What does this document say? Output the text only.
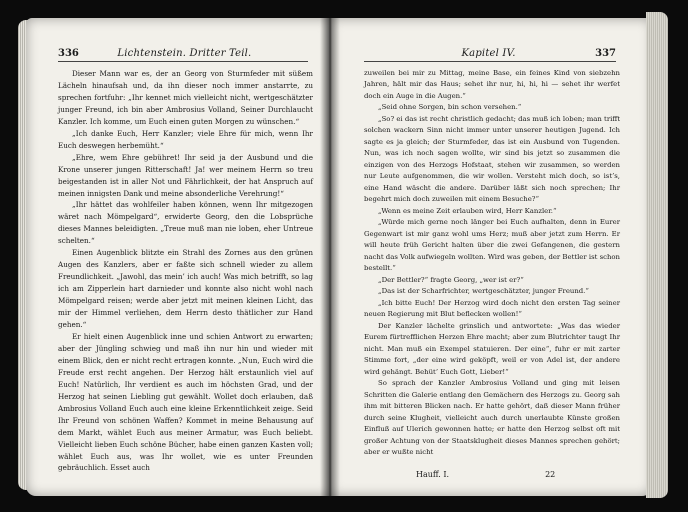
336	Lichtenstein. Dritter Teil.

Dieser Mann war es, der an Georg von Sturmfeder mit süßem Lächeln hinaufsah und, da ihn dieser noch immer anstarrte, zu sprechen fortfuhr: „Ihr kennet mich vielleicht nicht, wertgeschätzter junger Freund, ich bin aber Ambrosius Volland, Seiner Durchlaucht Kanzler. Ich komme, um Euch einen guten Morgen zu wünschen.“

„Ich danke Euch, Herr Kanzler; viele Ehre für mich, wenn Ihr Euch deswegen herbemüht.“

„Ehre, wem Ehre gebühret! Ihr seid ja der Ausbund und die Krone unserer jungen Ritterschaft! Ja! wer meinem Herrn so treu beigestanden ist in aller Not und Fährlichkeit, der hat Anspruch auf meinen innigsten Dank und meine absonderliche Verehrung!“

„Ihr hättet das wohlfeiler haben können, wenn Ihr mitgezogen wäret nach Mömpelgard“, erwiderte Georg, den die Lobsprüche dieses Mannes beleidigten. „Treue muß man nie loben, eher Untreue schelten.“

Einen Augenblick blitzte ein Strahl des Zornes aus den grünen Augen des Kanzlers, aber er faßte sich schnell wieder zu allem Freundlichkeit. „Jawohl, das mein’ ich auch! Was mich betrifft, so lag ich am Zipperlein hart darnieder und konnte also nicht wohl nach Mömpelgard reisen; werde aber jetzt mit meinen kleinen Licht, das mir der Himmel verliehen, dem Herrn desto thätlicher zur Hand gehen.“

Er hielt einen Augenblick inne und schien Antwort zu erwarten; aber der Jüngling schwieg und maß ihn nur hin und wieder mit einem Blick, den er nicht recht ertragen konnte. „Nun, Euch wird die Freude erst recht angehen. Der Herzog hält erstaunlich viel auf Euch! Natürlich, Ihr verdient es auch im höchsten Grad, und der Herzog hat seinen Liebling gut gewählt. Wollet doch erlauben, daß Ambrosius Volland Euch auch eine kleine Erkenntlichkeit zeige. Seid Ihr Freund von schönen Waffen? Kommet in meine Behausung auf dem Markt, wählet Euch aus meiner Armatur, was Euch beliebt. Vielleicht lieben Euch schöne Bücher, habe einen ganzen Kasten voll; wählet Euch aus, was Ihr wollet, wie es unter Freunden gebräuchlich. Esset auch

Kapitel IV.	337

zuweilen bei mir zu Mittag, meine Base, ein feines Kind von siebzehn Jahren, hält mir das Haus; sehet ihr nur, hi, hi, hi — sehet ihr werfet doch ein Auge in die Augen.“

„Seid ohne Sorgen, bin schon versehen.“

„So? ei das ist recht christlich gedacht; das muß ich loben; man trifft solchen wackern Sinn nicht immer unter unserer heutigen Jugend. Ich sagte es ja gleich; der Sturmfeder, das ist ein Ausbund von Tugenden. Nun, was ich noch sagen wollte, wir sind bis jetzt so zusammen die einzigen von des Herzogs Hofstaat, stehen wir zusammen, so werden nur Leute aufgenommen, die wir wollen. Versteht mich doch, so ist’s, eine Hand wäscht die andere. Darüber läßt sich noch sprechen; Ihr begehrt mich doch zuweilen mit einem Besuche?“

„Wenn es meine Zeit erlauben wird, Herr Kanzler.“

„Würde mich gerne noch länger bei Euch aufhalten, denn in Eurer Gegenwart ist mir ganz wohl ums Herz; muß aber jetzt zum Herrn. Er will heute früh Gericht halten über die zwei Gefangenen, die gestern nacht das Volk aufwiegeln wollten. Wird was geben, der Bettler ist schon bestellt.“

„Der Bettler?“ fragte Georg, „wer ist er?“

„Das ist der Scharfrichter, wertgeschätzter, junger Freund.“

„Ich bitte Euch! Der Herzog wird doch nicht den ersten Tag seiner neuen Regierung mit Blut beflecken wollen!“

Der Kanzler lächelte grinslich und antwortete: „Was das wieder Eurem fürtrefflichen Herzen Ehre macht; aber zum Blutrichter taugt Ihr nicht. Man muß ein Exempel statuieren. Der eine“, fuhr er mit zarter Stimme fort, „der eine wird geköpft, weil er von Adel ist, der andere wird gehängt. Behüt’ Euch Gott, Lieber!“

So sprach der Kanzler Ambrosius Volland und ging mit leisen Schritten die Galerie entlang den Gemächern des Herzogs zu. Georg sah ihm mit bitteren Blicken nach. Er hatte gehört, daß dieser Mann früher durch seine Klugheit, vielleicht auch durch unerlaubte Künste großen Einfluß auf Ulerich gewonnen hatte; er hatte den Herzog selbst oft mit großer Achtung von der Staatsklugheit dieses Mannes sprechen gehört; aber er wußte nicht

Hauff. I.	22
